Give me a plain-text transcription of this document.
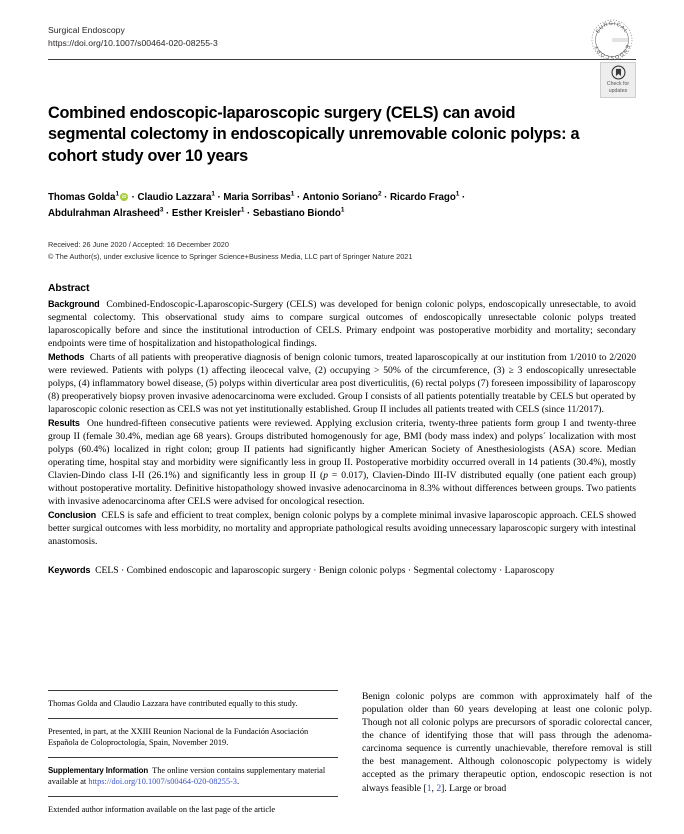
Surgical Endoscopy
https://doi.org/10.1007/s00464-020-08255-3
SURGICAL
ENDOSCOPY
Check for
updates
Combined endoscopic-laparoscopic surgery (CELS) can avoid segmental colectomy in endoscopically unremovable colonic polyps: a cohort study over 10 years
Thomas Golda$^1$iD · Claudio Lazzara$^1$ · Maria Sorribas$^1$ · Antonio Soriano$^2$ · Ricardo Frago$^1$ ·
Abdulrahman Alrasheed$^3$ · Esther Kreisler$^1$ · Sebastiano Biondo$^1$
Received: 26 June 2020 / Accepted: 16 December 2020
© The Author(s), under exclusive licence to Springer Science+Business Media, LLC part of Springer Nature 2021
Abstract

Background Combined-Endoscopic-Laparoscopic-Surgery (CELS) was developed for benign colonic polyps, endoscopically unresectable, to avoid segmental colectomy. This observational study aims to compare surgical outcomes of endoscopically unresectable colonic polyps treated laparoscopically before and since the institutional introduction of CELS. Primary endpoint was postoperative morbidity and mortality; secondary endpoints were time of hospitalization and histopathological findings.

Methods Charts of all patients with preoperative diagnosis of benign colonic tumors, treated laparoscopically at our institution from 1/2010 to 2/2020 were reviewed. Patients with polyps (1) affecting ileocecal valve, (2) occupying > 50% of the circumference, (3) ≥ 3 endoscopically unresectable polyps, (4) inflammatory bowel disease, (5) polyps within diverticular area post diverticulitis, (6) rectal polyps (7) foreseen impossibility of laparoscopy (8) preoperatively biopsy proven invasive adenocarcinoma were excluded. Group I consists of all patients potentially treatable by CELS but operated by laparoscopic colonic resection as CELS was not yet institutionally established. Group II includes all patients treated with CELS (since 11/2017).

Results One hundred-fifteen consecutive patients were reviewed. Applying exclusion criteria, twenty-three patients form group I and twenty-three group II (female 30.4%, median age 68 years). Groups distributed homogenously for age, BMI (body mass index) and polyps´ localization with most polyps (60.4%) localized in right colon; group II patients had significantly higher American Society of Anesthesiologists (ASA) score. Median operating time, hospital stay and morbidity were significantly less in group II. Postoperative morbidity occurred overall in 14 patients (30.4%), mostly Clavien-Dindo class I-II (26.1%) and significantly less in group II (p = 0.017), Clavien-Dindo III-IV distributed equally (one patient each group) without postoperative mortality. Definitive histopathology showed invasive adenocarcinoma in 8.3% without differences between groups. Two patients with invasive adenocarcinoma after CELS were advised for oncological resection.

Conclusion CELS is safe and efficient to treat complex, benign colonic polyps by a complete minimal invasive laparoscopic approach. CELS showed better surgical outcomes with less morbidity, no mortality and appropriate pathological results avoiding unnecessary laparoscopic surgery with intestinal anastomosis.

Keywords CELS · Combined endoscopic and laparoscopic surgery · Benign colonic polyps · Segmental colectomy · Laparoscopy

Thomas Golda and Claudio Lazzara have contributed equally to this study.

Presented, in part, at the XXIII Reunion Nacional de la Fundación Asociación Española de Coloproctología, Spain, November 2019.

Supplementary Information The online version contains supplementary material available at https://doi.org/10.1007/s00464-020-08255-3.

Extended author information available on the last page of the article

Benign colonic polyps are common with approximately half of the population older than 60 years developing at least one colonic polyp. Though not all colonic polyps are precursors of sporadic colorectal cancer, the chance of identifying those that will pass through the adenoma-carcinoma sequence is currently unachievable, therefore removal is still the best management. Although colonoscopic polypectomy is widely accepted as the primary therapeutic option, endoscopic resection is not always feasible [1, 2]. Large or broad
